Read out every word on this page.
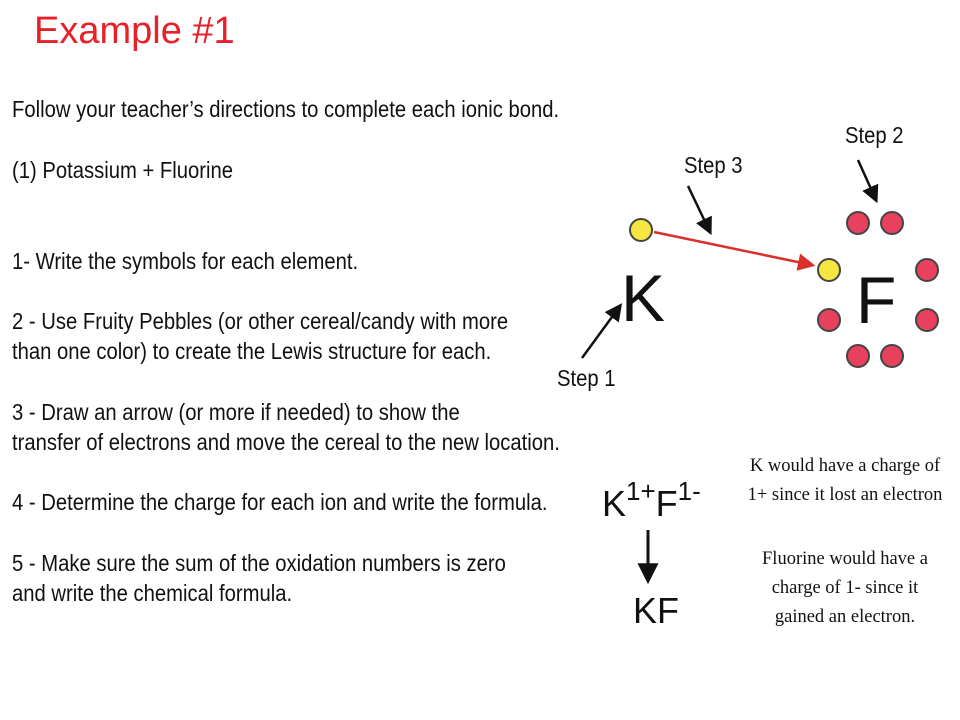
Example #1
Follow your teacher’s directions to complete each ionic bond.
(1) Potassium + Fluorine
1- Write the symbols for each element.
2 - Use Fruity Pebbles (or other cereal/candy with more
than one color) to create the Lewis structure for each.
3 - Draw an arrow (or more if needed) to show the
transfer of electrons and move the cereal to the new location.
4 - Determine the charge for each ion and write the formula.
5 - Make sure the sum of the oxidation numbers is zero
and write the chemical formula.
K	F
Step 3
Step 2
Step 1
$K^{1+}F^{1-}$
KF
K would have a charge of
1+ since it lost an electron
Fluorine would have a
charge of 1- since it
gained an electron.
